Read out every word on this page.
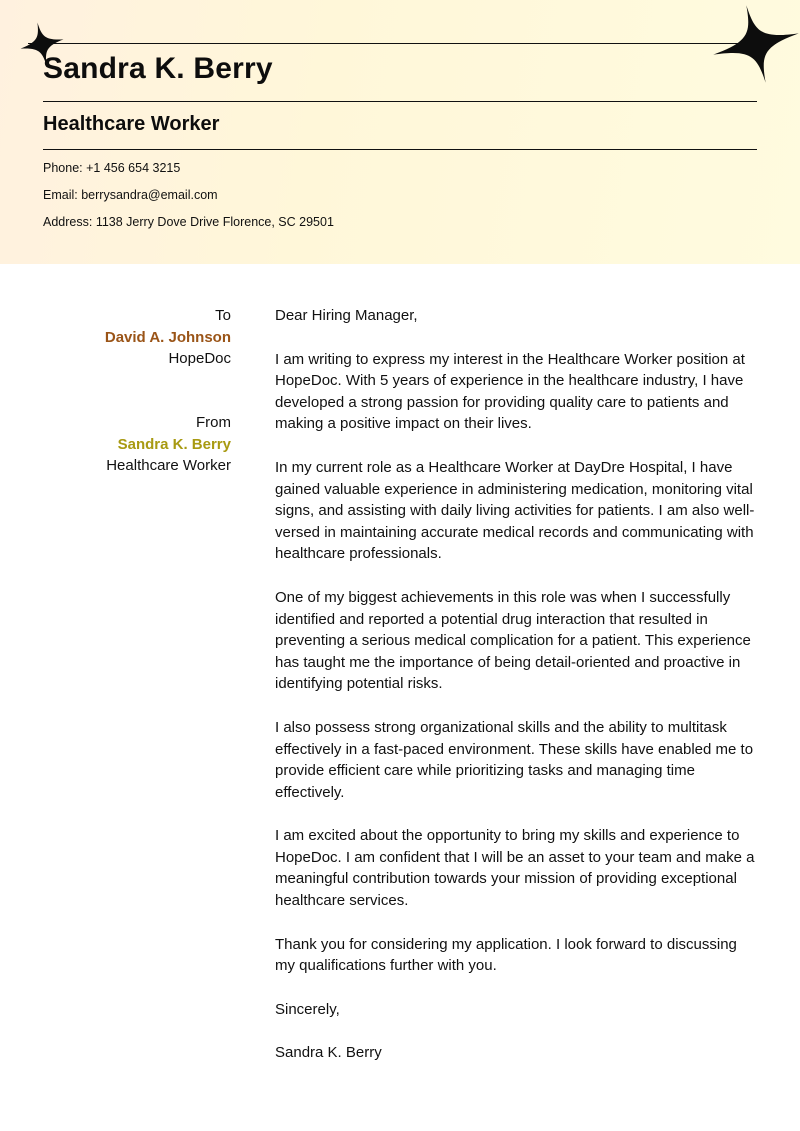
Sandra K. Berry
Healthcare Worker
Phone: +1 456 654 3215
Email: berrysandra@email.com
Address: 1138 Jerry Dove Drive Florence, SC 29501
To
David A. Johnson
HopeDoc
From
Sandra K. Berry
Healthcare Worker

Dear Hiring Manager,

I am writing to express my interest in the Healthcare Worker position at HopeDoc. With 5 years of experience in the healthcare industry, I have developed a strong passion for providing quality care to patients and making a positive impact on their lives.

In my current role as a Healthcare Worker at DayDre Hospital, I have gained valuable experience in administering medication, monitoring vital signs, and assisting with daily living activities for patients. I am also well-versed in maintaining accurate medical records and communicating with healthcare professionals.

One of my biggest achievements in this role was when I successfully identified and reported a potential drug interaction that resulted in preventing a serious medical complication for a patient. This experience has taught me the importance of being detail-oriented and proactive in identifying potential risks.

I also possess strong organizational skills and the ability to multitask effectively in a fast-paced environment. These skills have enabled me to provide efficient care while prioritizing tasks and managing time effectively.

I am excited about the opportunity to bring my skills and experience to HopeDoc. I am confident that I will be an asset to your team and make a meaningful contribution towards your mission of providing exceptional healthcare services.

Thank you for considering my application. I look forward to discussing my qualifications further with you.

Sincerely,

Sandra K. Berry
